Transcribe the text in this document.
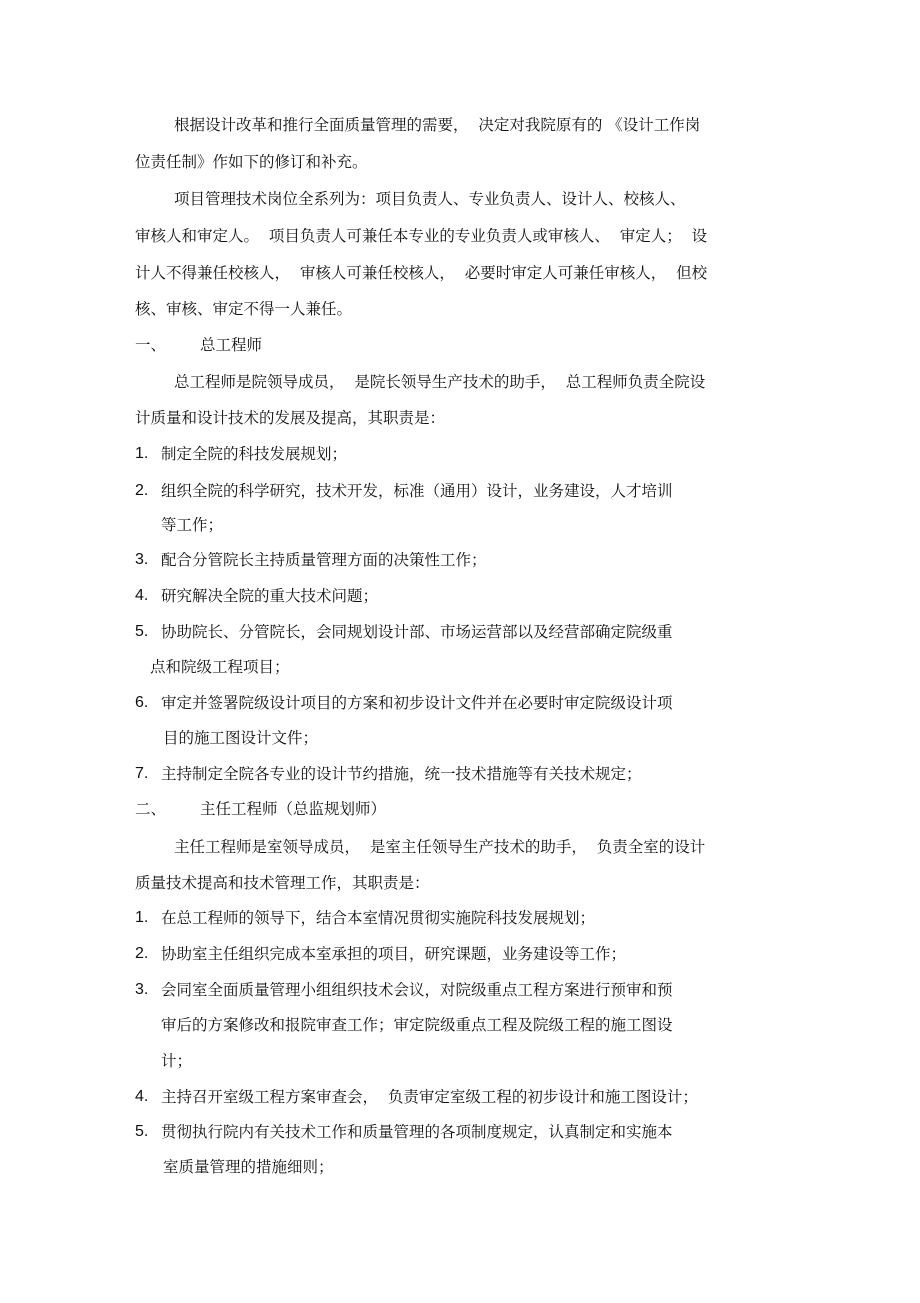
根据设计改革和推行全面质量管理的需要，  决定对我院原有的 《设计工作岗
位责任制》作如下的修订和补充。
项目管理技术岗位全系列为：项目负责人、专业负责人、设计人、校核人、
审核人和审定人。  项目负责人可兼任本专业的专业负责人或审核人、  审定人；  设
计人不得兼任校核人，  审核人可兼任校核人，  必要时审定人可兼任审核人，  但校
核、审核、审定不得一人兼任。
一、 总工程师
总工程师是院领导成员，  是院长领导生产技术的助手，  总工程师负责全院设
计质量和设计技术的发展及提高，其职责是：
1. 制定全院的科技发展规划；
2. 组织全院的科学研究，技术开发，标准（通用）设计，业务建设，人才培训
等工作；
3. 配合分管院长主持质量管理方面的决策性工作；
4. 研究解决全院的重大技术问题；
5. 协助院长、分管院长，会同规划设计部、市场运营部以及经营部确定院级重
点和院级工程项目；
6. 审定并签署院级设计项目的方案和初步设计文件并在必要时审定院级设计项
目的施工图设计文件；
7. 主持制定全院各专业的设计节约措施，统一技术措施等有关技术规定；
二、 主任工程师（总监规划师）
主任工程师是室领导成员，  是室主任领导生产技术的助手，  负责全室的设计
质量技术提高和技术管理工作，其职责是：
1. 在总工程师的领导下，结合本室情况贯彻实施院科技发展规划；
2. 协助室主任组织完成本室承担的项目，研究课题，业务建设等工作；
3. 会同室全面质量管理小组组织技术会议，对院级重点工程方案进行预审和预
审后的方案修改和报院审查工作；审定院级重点工程及院级工程的施工图设
计；
4. 主持召开室级工程方案审查会，  负责审定室级工程的初步设计和施工图设计；
5. 贯彻执行院内有关技术工作和质量管理的各项制度规定，认真制定和实施本
室质量管理的措施细则；
